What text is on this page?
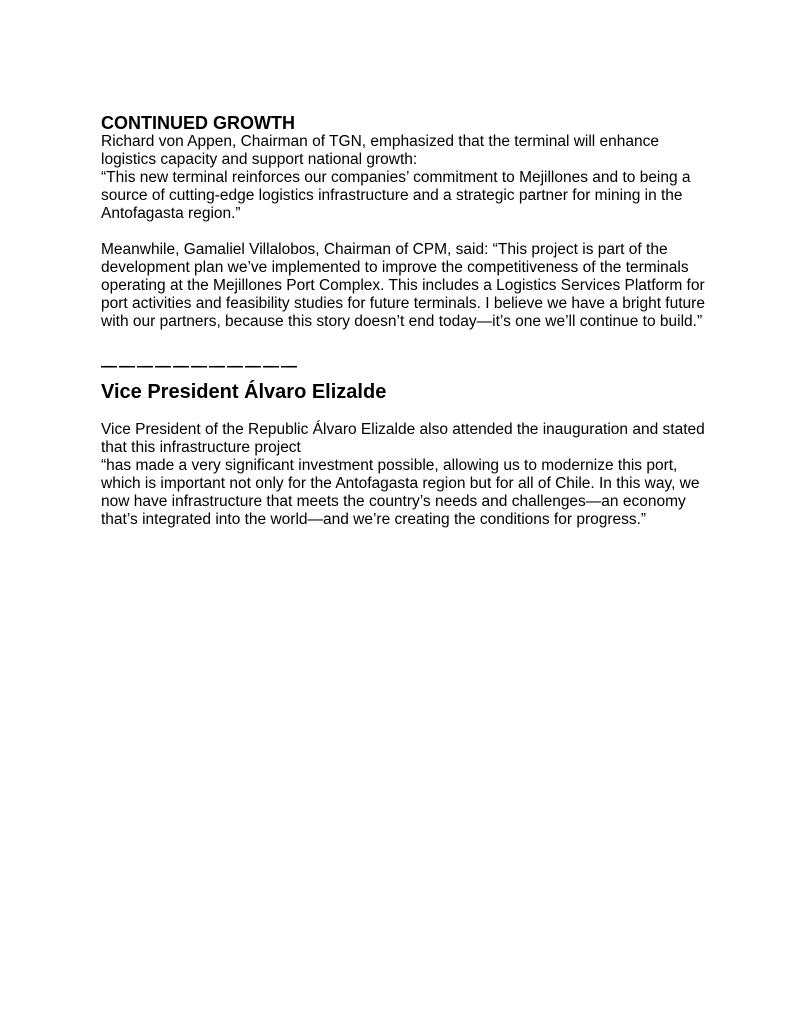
CONTINUED GROWTH
Richard von Appen, Chairman of TGN, emphasized that the terminal will enhance
logistics capacity and support national growth:
“This new terminal reinforces our companies’ commitment to Mejillones and to being a
source of cutting-edge logistics infrastructure and a strategic partner for mining in the
Antofagasta region.”
Meanwhile, Gamaliel Villalobos, Chairman of CPM, said: “This project is part of the
development plan we’ve implemented to improve the competitiveness of the terminals
operating at the Mejillones Port Complex. This includes a Logistics Services Platform for
port activities and feasibility studies for future terminals. I believe we have a bright future
with our partners, because this story doesn’t end today—it’s one we’ll continue to build.”
———————————
Vice President Álvaro Elizalde
Vice President of the Republic Álvaro Elizalde also attended the inauguration and stated
that this infrastructure project
“has made a very significant investment possible, allowing us to modernize this port,
which is important not only for the Antofagasta region but for all of Chile. In this way, we
now have infrastructure that meets the country’s needs and challenges—an economy
that’s integrated into the world—and we’re creating the conditions for progress.”
